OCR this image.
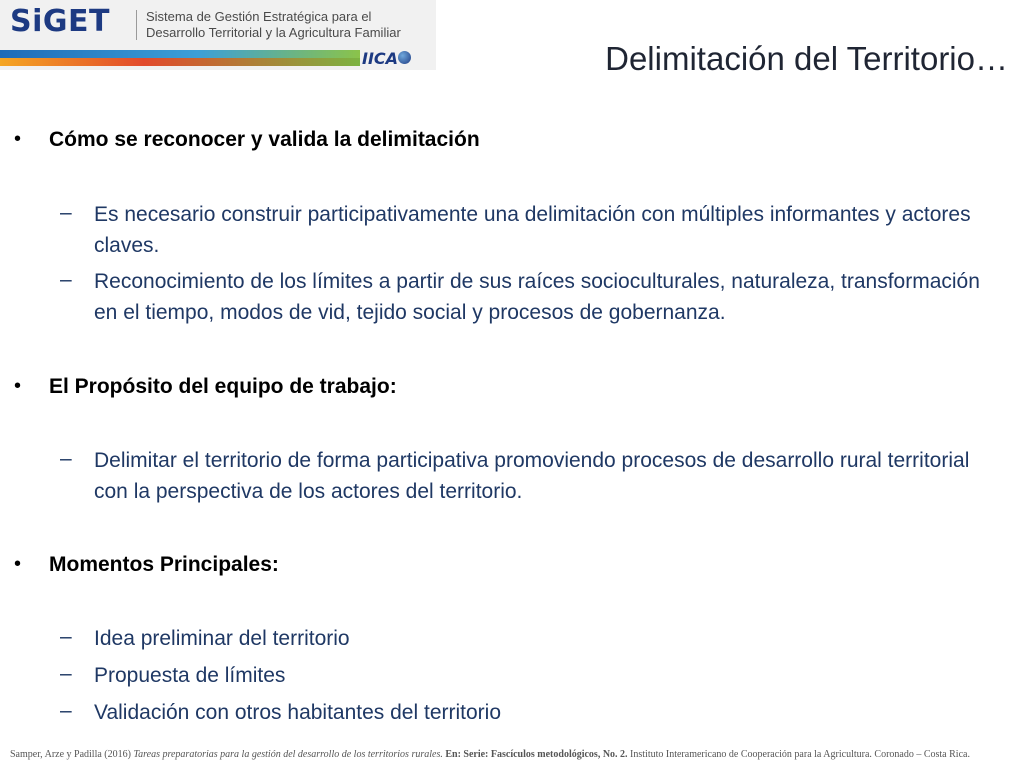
SiGET	Sistema de Gestión Estratégica para el
Desarrollo Territorial y la Agricultura Familiar
IICA	Delimitación del Territorio…
• Cómo se reconocer y valida la delimitación
– Es necesario construir participativamente una delimitación con múltiples informantes y actores claves.
– Reconocimiento de los límites a partir de sus raíces socioculturales, naturaleza, transformación en el tiempo, modos de vid, tejido social y procesos de gobernanza.
• El Propósito del equipo de trabajo:
– Delimitar el territorio de forma participativa promoviendo procesos de desarrollo rural territorial con la perspectiva de los actores del territorio.
• Momentos Principales:
– Idea preliminar del territorio
– Propuesta de límites
– Validación con otros habitantes del territorio
Samper, Arze y Padilla (2016) Tareas preparatorias para la gestión del desarrollo de los territorios rurales. En: Serie: Fascículos metodológicos, No. 2. Instituto Interamericano de Cooperación para la Agricultura. Coronado – Costa Rica.
